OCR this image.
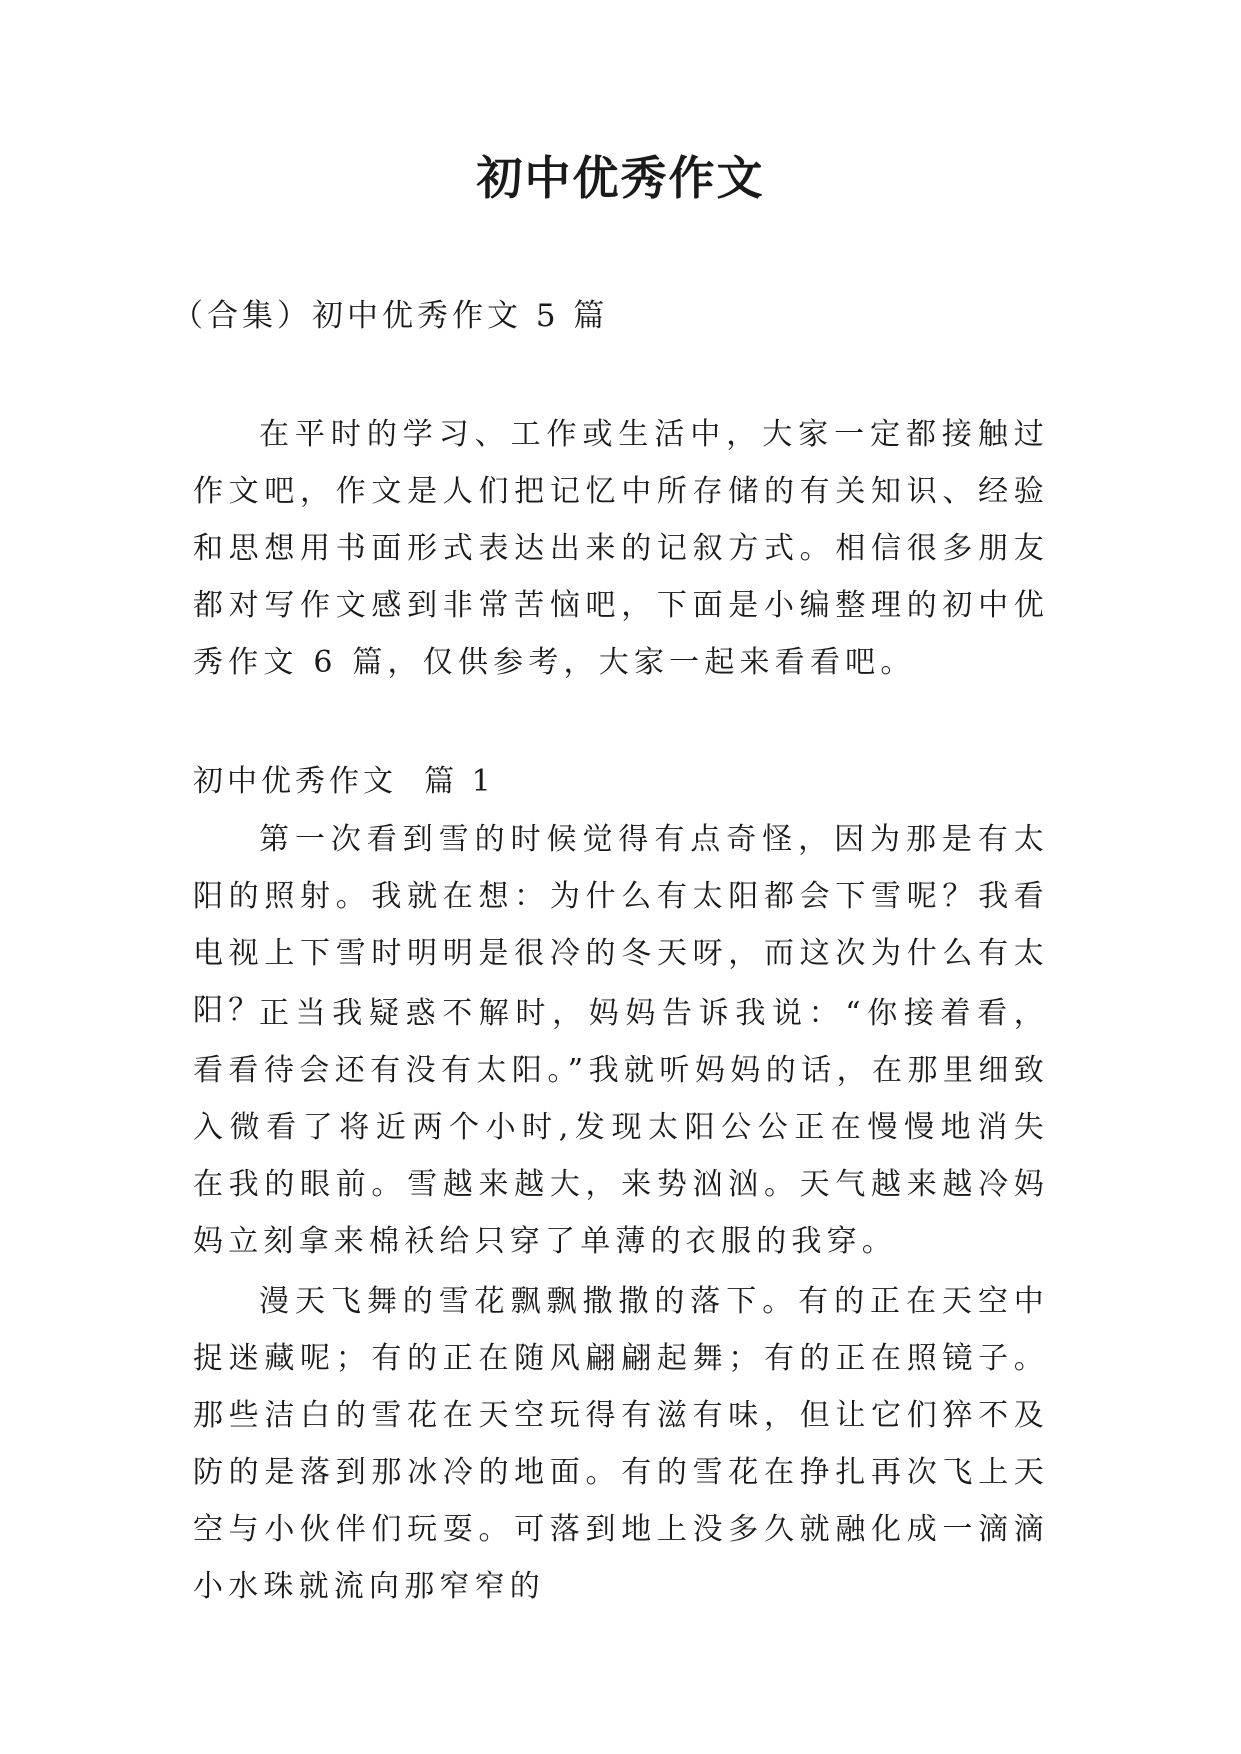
初中优秀作文
（合集）初中优秀作文 5 篇

在平时的学习、工作或生活中，大家一定都接触过作文吧，作文是人们把记忆中所存储的有关知识、经验和思想用书面形式表达出来的记叙方式。相信很多朋友都对写作文感到非常苦恼吧，下面是小编整理的初中优秀作文 6 篇，仅供参考，大家一起来看看吧。

初中优秀作文  篇 1

第一次看到雪的时候觉得有点奇怪，因为那是有太阳的照射。我就在想：为什么有太阳都会下雪呢？我看电视上下雪时明明是很冷的冬天呀，而这次为什么有太阳？

正当我疑惑不解时，妈妈告诉我说：“你接着看，看看待会还有没有太阳。”我就听妈妈的话，在那里细致入微看了将近两个小时,发现太阳公公正在慢慢地消失在我的眼前。雪越来越大，来势汹汹。天气越来越冷妈妈立刻拿来棉袄给只穿了单薄的衣服的我穿。

漫天飞舞的雪花飘飘撒撒的落下。有的正在天空中捉迷藏呢；有的正在随风翩翩起舞；有的正在照镜子。那些洁白的雪花在天空玩得有滋有味，但让它们猝不及防的是落到那冰冷的地面。有的雪花在挣扎再次飞上天空与小伙伴们玩耍。可落到地上没多久就融化成一滴滴小水珠就流向那窄窄的
